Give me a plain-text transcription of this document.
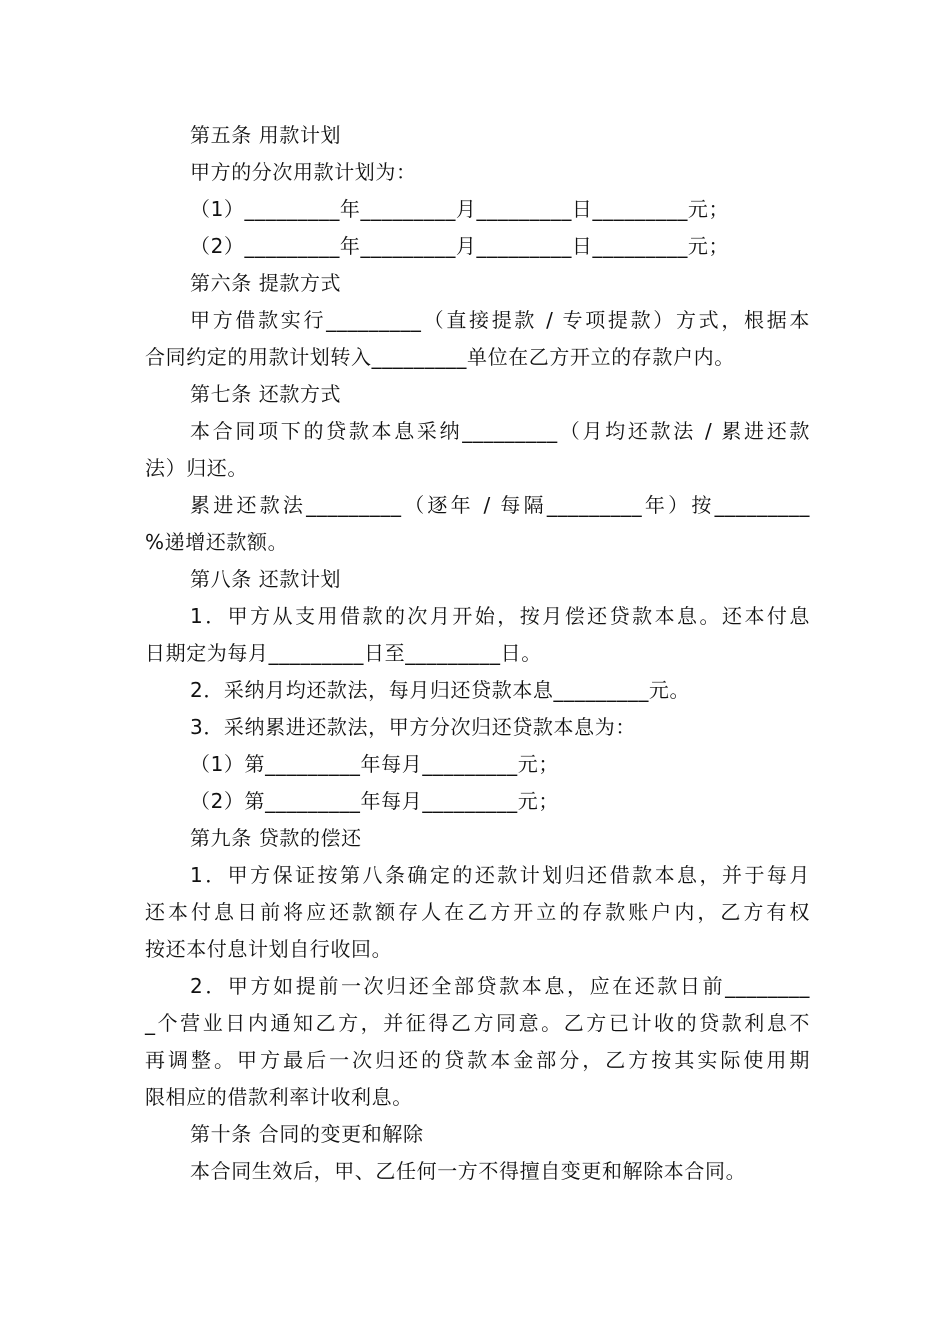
第五条 用款计划
甲方的分次用款计划为：
（1）_________年_________月_________日_________元；
（2）_________年_________月_________日_________元；
第六条 提款方式
甲方借款实行_________（直接提款 / 专项提款）方式，根据本
合同约定的用款计划转入_________单位在乙方开立的存款户内。
第七条 还款方式
本合同项下的贷款本息采纳_________（月均还款法 / 累进还款
法）归还。
累进还款法_________（逐年 / 每隔_________年）按_________
%递增还款额。
第八条 还款计划
1．甲方从支用借款的次月开始，按月偿还贷款本息。还本付息
日期定为每月_________日至_________日。
2．采纳月均还款法，每月归还贷款本息_________元。
3．采纳累进还款法，甲方分次归还贷款本息为：
（1）第_________年每月_________元；
（2）第_________年每月_________元；
第九条 贷款的偿还
1．甲方保证按第八条确定的还款计划归还借款本息，并于每月
还本付息日前将应还款额存人在乙方开立的存款账户内，乙方有权
按还本付息计划自行收回。
2．甲方如提前一次归还全部贷款本息，应在还款日前________
_个营业日内通知乙方，并征得乙方同意。乙方已计收的贷款利息不
再调整。甲方最后一次归还的贷款本金部分，乙方按其实际使用期
限相应的借款利率计收利息。
第十条 合同的变更和解除
本合同生效后，甲、乙任何一方不得擅自变更和解除本合同。
